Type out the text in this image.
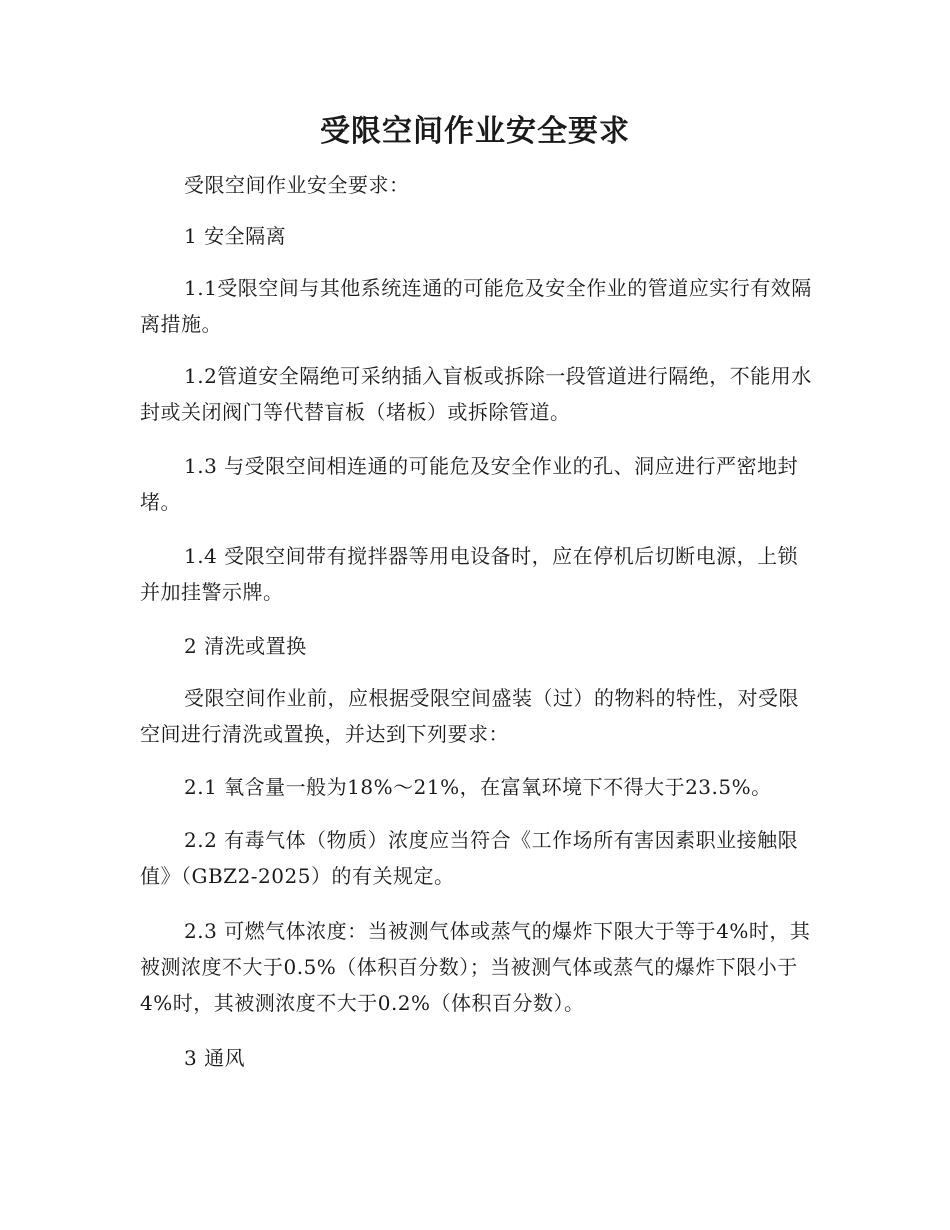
受限空间作业安全要求

受限空间作业安全要求：

1 安全隔离

1.1受限空间与其他系统连通的可能危及安全作业的管道应实行有效隔离措施。

1.2管道安全隔绝可采纳插入盲板或拆除一段管道进行隔绝，不能用水封或关闭阀门等代替盲板（堵板）或拆除管道。

1.3 与受限空间相连通的可能危及安全作业的孔、洞应进行严密地封堵。

1.4 受限空间带有搅拌器等用电设备时，应在停机后切断电源，上锁并加挂警示牌。

2 清洗或置换

受限空间作业前，应根据受限空间盛装（过）的物料的特性，对受限空间进行清洗或置换，并达到下列要求：

2.1 氧含量一般为18%～21%，在富氧环境下不得大于23.5%。

2.2 有毒气体（物质）浓度应当符合《工作场所有害因素职业接触限值》（GBZ2-2025）的有关规定。

2.3 可燃气体浓度：当被测气体或蒸气的爆炸下限大于等于4%时，其被测浓度不大于0.5%（体积百分数）；当被测气体或蒸气的爆炸下限小于4%时，其被测浓度不大于0.2%（体积百分数）。

3 通风
